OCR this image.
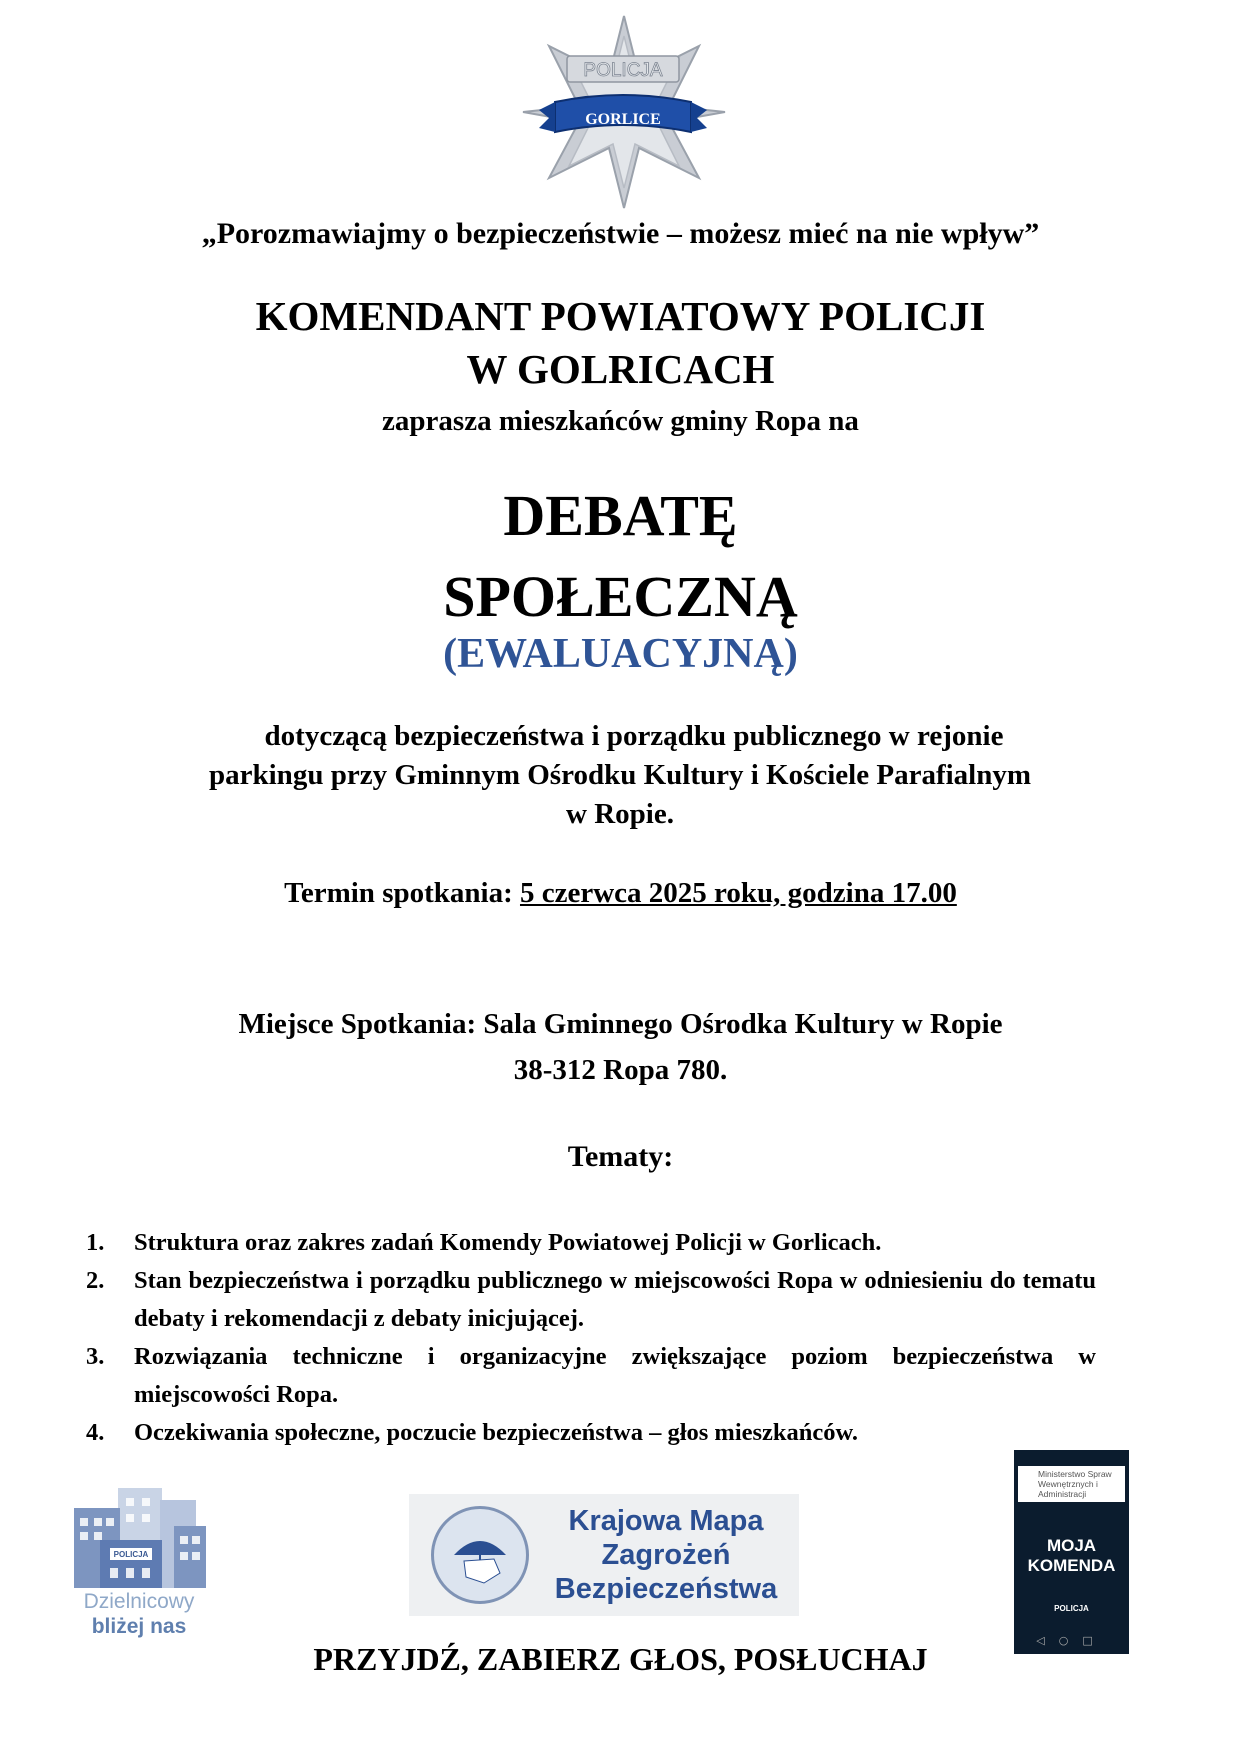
POLICJA
GORLICE
„Porozmawiajmy o bezpieczeństwie – możesz mieć na nie wpływ”
KOMENDANT POWIATOWY POLICJI
W GOLRICACH
zaprasza mieszkańców gminy Ropa na
DEBATĘ
SPOŁECZNĄ
(EWALUACYJNĄ)
dotyczącą bezpieczeństwa i porządku publicznego w rejonie
parkingu przy Gminnym Ośrodku Kultury i Kościele Parafialnym
w Ropie.
Termin spotkania: 5 czerwca 2025 roku, godzina 17.00
Miejsce Spotkania: Sala Gminnego Ośrodka Kultury w Ropie
38-312 Ropa 780.
Tematy:
1. Struktura oraz zakres zadań Komendy Powiatowej Policji w Gorlicach.
2. Stan bezpieczeństwa i porządku publicznego w miejscowości Ropa w odniesieniu do tematu debaty i rekomendacji z debaty inicjującej.
3. Rozwiązania techniczne i organizacyjne zwiększające poziom bezpieczeństwa w miejscowości Ropa.
4. Oczekiwania społeczne, poczucie bezpieczeństwa – głos mieszkańców.
POLICJA
Dzielnicowy
bliżej nas
Krajowa Mapa
Zagrożeń
Bezpieczeństwa
Ministerstwo Spraw Wewnętrznych i Administracji
MOJA
KOMENDA
POLICJA
◁○□
PRZYJDŹ, ZABIERZ GŁOS, POSŁUCHAJ
